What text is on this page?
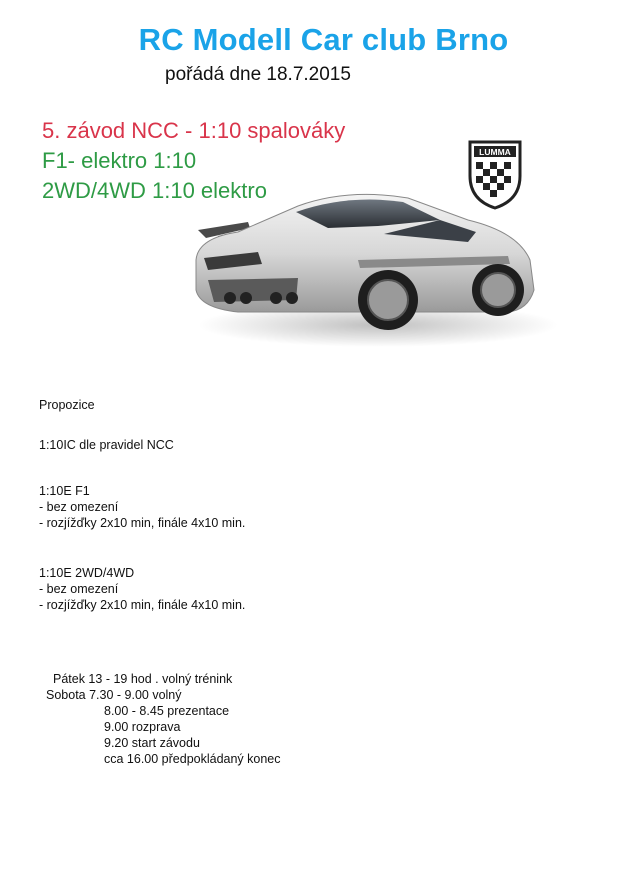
RC Modell Car club Brno
pořádá dne 18.7.2015
5. závod NCC - 1:10 spalováky
F1- elektro 1:10
2WD/4WD 1:10 elektro
LUMMA
Propozice
1:10IC dle pravidel NCC
1:10E F1
- bez omezení
- rozjížďky 2x10 min, finále 4x10 min.
1:10E 2WD/4WD
- bez omezení
- rozjížďky 2x10 min, finále 4x10 min.
Pátek 13 - 19 hod . volný trénink
Sobota 7.30 - 9.00 volný
8.00 - 8.45 prezentace
9.00 rozprava
9.20 start závodu
cca 16.00 předpokládaný konec
